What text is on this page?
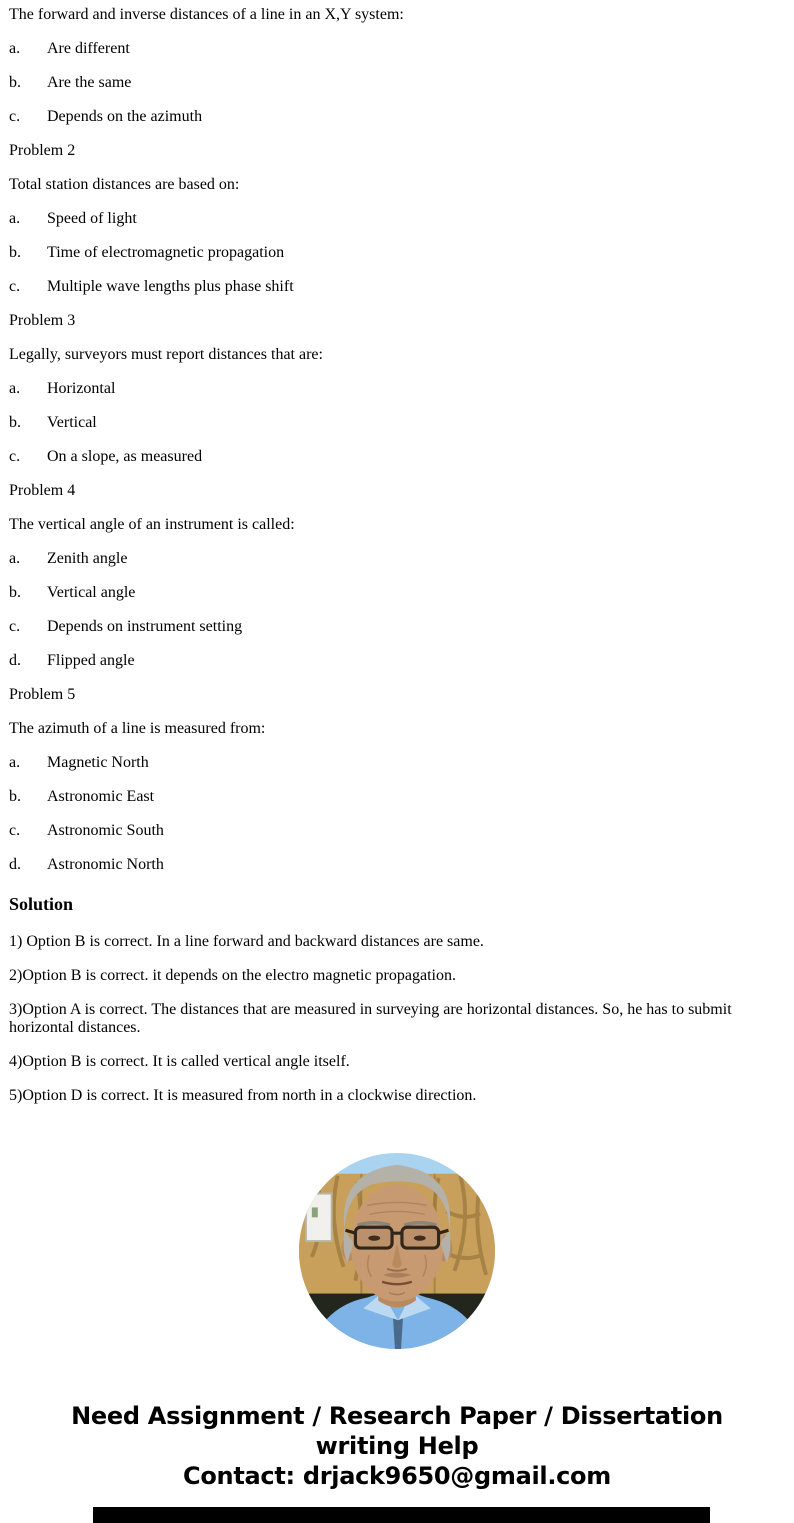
The forward and inverse distances of a line in an X,Y system:

a. Are different

b. Are the same

c. Depends on the azimuth

Problem 2

Total station distances are based on:

a. Speed of light

b. Time of electromagnetic propagation

c. Multiple wave lengths plus phase shift

Problem 3

Legally, surveyors must report distances that are:

a. Horizontal

b. Vertical

c. On a slope, as measured

Problem 4

The vertical angle of an instrument is called:

a. Zenith angle

b. Vertical angle

c. Depends on instrument setting

d. Flipped angle

Problem 5

The azimuth of a line is measured from:

a. Magnetic North

b. Astronomic East

c. Astronomic South

d. Astronomic North

Solution

1) Option B is correct. In a line forward and backward distances are same.

2)Option B is correct. it depends on the electro magnetic propagation.

3)Option A is correct. The distances that are measured in surveying are horizontal distances. So, he has to submit horizontal distances.

4)Option B is correct. It is called vertical angle itself.

5)Option D is correct. It is measured from north in a clockwise direction.

Need Assignment / Research Paper / Dissertation
writing Help
Contact: drjack9650@gmail.com
